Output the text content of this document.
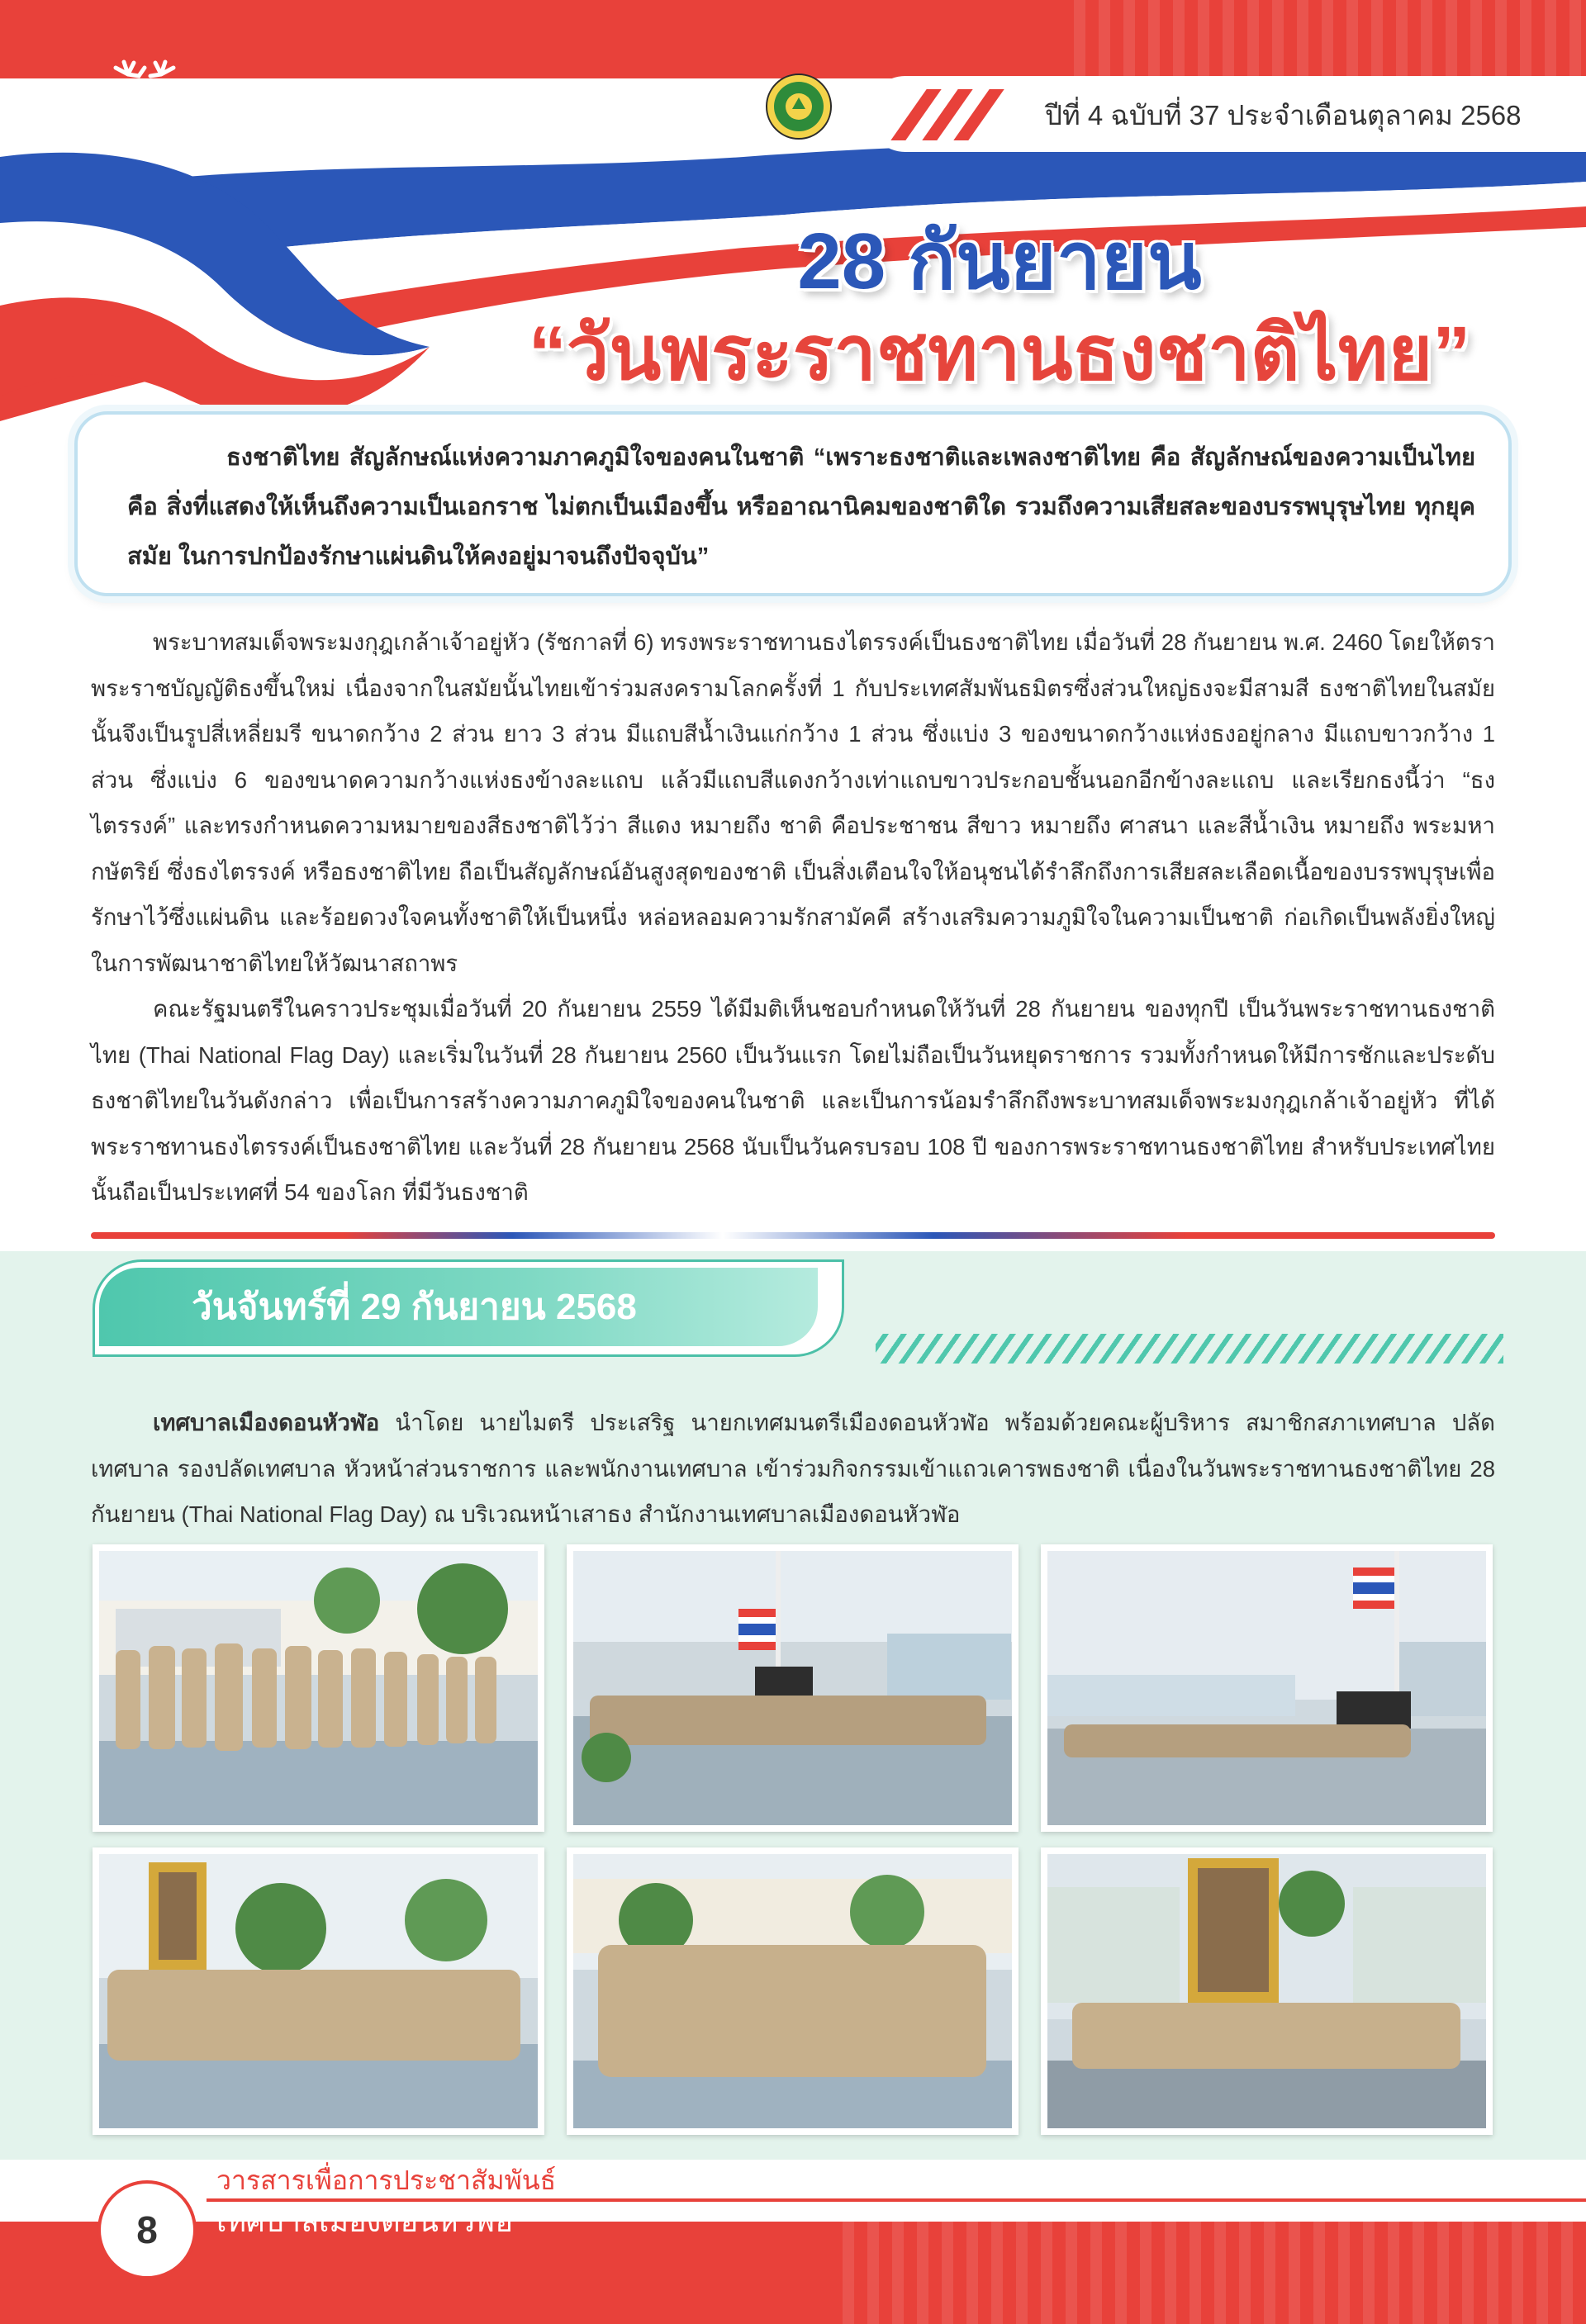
กองยุทธศาสตร์และงบประมาณ	ปีที่ 4 ฉบับที่ 37 ประจำเดือนตุลาคม 2568
28 กันยายน
“วันพระราชทานธงชาติไทย”

ธงชาติไทย สัญลักษณ์แห่งความภาคภูมิใจของคนในชาติ “เพราะธงชาติและเพลงชาติไทย คือ สัญลักษณ์ของความเป็นไทย คือ สิ่งที่แสดงให้เห็นถึงความเป็นเอกราช ไม่ตกเป็นเมืองขึ้น หรืออาณานิคมของชาติใด รวมถึงความเสียสละของบรรพบุรุษไทย ทุกยุคสมัย ในการปกป้องรักษาแผ่นดินให้คงอยู่มาจนถึงปัจจุบัน”

พระบาทสมเด็จพระมงกุฎเกล้าเจ้าอยู่หัว (รัชกาลที่ 6) ทรงพระราชทานธงไตรรงค์เป็นธงชาติไทย เมื่อวันที่ 28 กันยายน พ.ศ. 2460 โดยให้ตราพระราชบัญญัติธงขึ้นใหม่ เนื่องจากในสมัยนั้นไทยเข้าร่วมสงครามโลกครั้งที่ 1 กับประเทศสัมพันธมิตรซึ่งส่วนใหญ่ธงจะมีสามสี ธงชาติไทยในสมัยนั้นจึงเป็นรูปสี่เหลี่ยมรี ขนาดกว้าง 2 ส่วน ยาว 3 ส่วน มีแถบสีน้ำเงินแก่กว้าง 1 ส่วน ซึ่งแบ่ง 3 ของขนาดกว้างแห่งธงอยู่กลาง มีแถบขาวกว้าง 1 ส่วน ซึ่งแบ่ง 6 ของขนาดความกว้างแห่งธงข้างละแถบ แล้วมีแถบสีแดงกว้างเท่าแถบขาวประกอบชั้นนอกอีกข้างละแถบ และเรียกธงนี้ว่า “ธงไตรรงค์” และทรงกำหนดความหมายของสีธงชาติไว้ว่า สีแดง หมายถึง ชาติ คือประชาชน สีขาว หมายถึง ศาสนา และสีน้ำเงิน หมายถึง พระมหากษัตริย์ ซึ่งธงไตรรงค์ หรือธงชาติไทย ถือเป็นสัญลักษณ์อันสูงสุดของชาติ เป็นสิ่งเตือนใจให้อนุชนได้รำลึกถึงการเสียสละเลือดเนื้อของบรรพบุรุษเพื่อรักษาไว้ซึ่งแผ่นดิน และร้อยดวงใจคนทั้งชาติให้เป็นหนึ่ง หล่อหลอมความรักสามัคคี สร้างเสริมความภูมิใจในความเป็นชาติ ก่อเกิดเป็นพลังยิ่งใหญ่ในการพัฒนาชาติไทยให้วัฒนาสถาพร

คณะรัฐมนตรีในคราวประชุมเมื่อวันที่ 20 กันยายน 2559 ได้มีมติเห็นชอบกำหนดให้วันที่ 28 กันยายน ของทุกปี เป็นวันพระราชทานธงชาติไทย (Thai National Flag Day) และเริ่มในวันที่ 28 กันยายน 2560 เป็นวันแรก โดยไม่ถือเป็นวันหยุดราชการ รวมทั้งกำหนดให้มีการชักและประดับธงชาติไทยในวันดังกล่าว เพื่อเป็นการสร้างความภาคภูมิใจของคนในชาติ และเป็นการน้อมรำลึกถึงพระบาทสมเด็จพระมงกุฎเกล้าเจ้าอยู่หัว ที่ได้พระราชทานธงไตรรงค์เป็นธงชาติไทย และวันที่ 28 กันยายน 2568 นับเป็นวันครบรอบ 108 ปี ของการพระราชทานธงชาติไทย สำหรับประเทศไทยนั้นถือเป็นประเทศที่ 54 ของโลก ที่มีวันธงชาติ

วันจันทร์ที่ 29 กันยายน 2568

เทศบาลเมืองดอนหัวฬ่อ นำโดย นายไมตรี ประเสริฐ นายกเทศมนตรีเมืองดอนหัวฬ่อ พร้อมด้วยคณะผู้บริหาร สมาชิกสภาเทศบาล ปลัดเทศบาล รองปลัดเทศบาล หัวหน้าส่วนราชการ และพนักงานเทศบาล เข้าร่วมกิจกรรมเข้าแถวเคารพธงชาติ เนื่องในวันพระราชทานธงชาติไทย 28 กันยายน (Thai National Flag Day) ณ บริเวณหน้าเสาธง สำนักงานเทศบาลเมืองดอนหัวฬ่อ

8
วารสารเพื่อการประชาสัมพันธ์
เทศบาลเมืองดอนหัวฬ่อ
